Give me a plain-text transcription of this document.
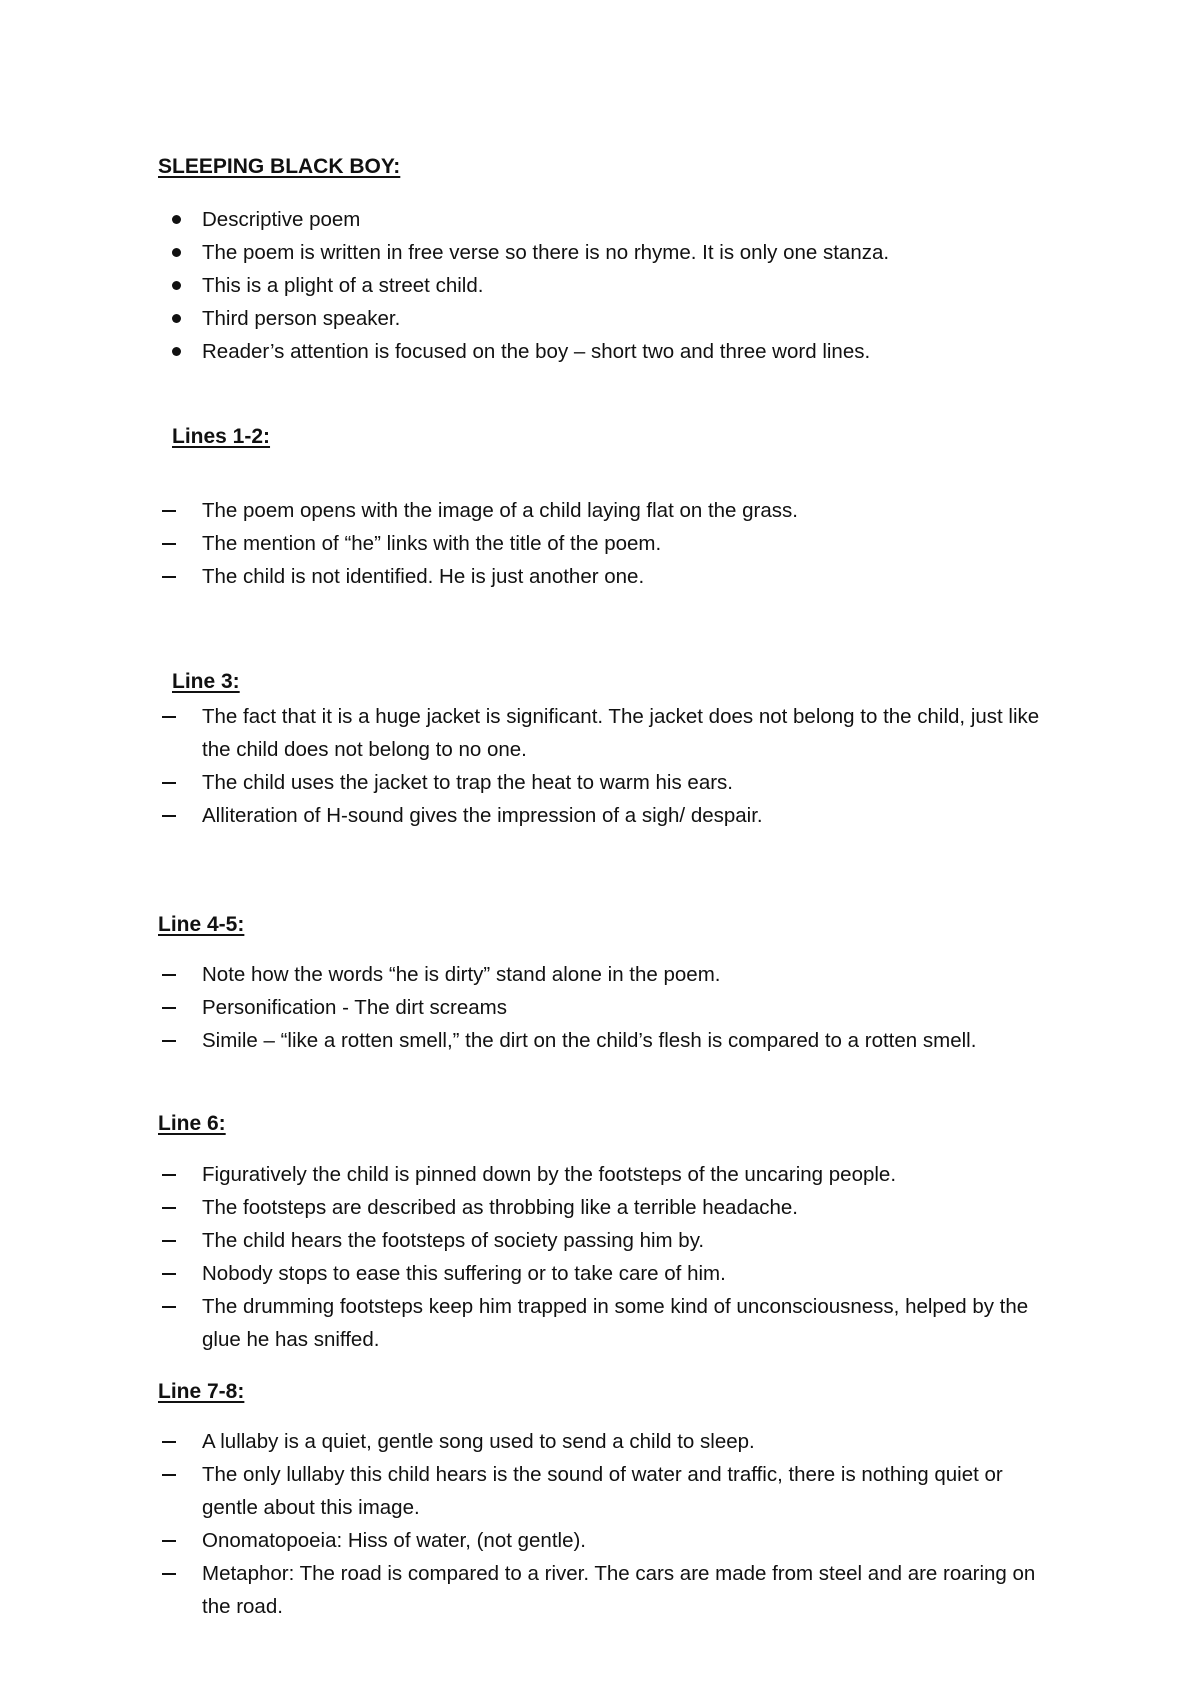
SLEEPING BLACK BOY:
Descriptive poem
The poem is written in free verse so there is no rhyme. It is only one stanza.
This is a plight of a street child.
Third person speaker.
Reader’s attention is focused on the boy – short two and three word lines.
Lines 1-2:
The poem opens with the image of a child laying flat on the grass.
The mention of “he” links with the title of the poem.
The child is not identified. He is just another one.
Line 3:
The fact that it is a huge jacket is significant. The jacket does not belong to the child, just like the child does not belong to no one.
The child uses the jacket to trap the heat to warm his ears.
Alliteration of H-sound gives the impression of a sigh/ despair.
Line 4-5:
Note how the words “he is dirty” stand alone in the poem.
Personification - The dirt screams
Simile – “like a rotten smell,” the dirt on the child’s flesh is compared to a rotten smell.
Line 6:
Figuratively the child is pinned down by the footsteps of the uncaring people.
The footsteps are described as throbbing like a terrible headache.
The child hears the footsteps of society passing him by.
Nobody stops to ease this suffering or to take care of him.
The drumming footsteps keep him trapped in some kind of unconsciousness, helped by the glue he has sniffed.
Line 7-8:
A lullaby is a quiet, gentle song used to send a child to sleep.
The only lullaby this child hears is the sound of water and traffic, there is nothing quiet or gentle about this image.
Onomatopoeia: Hiss of water, (not gentle).
Metaphor: The road is compared to a river. The cars are made from steel and are roaring on the road.
